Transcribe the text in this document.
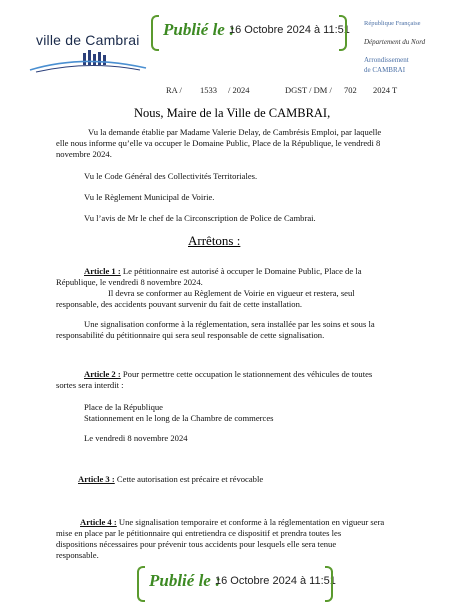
ville de Cambrai
Publié le :
16 Octobre 2024 à 11:51
République Française
Département du Nord
Arrondissement
de CAMBRAI
RA / 1533 / 2024	DGST / DM / 702 2024 T
Nous, Maire de la Ville de CAMBRAI,
Vu la demande établie par Madame Valerie Delay, de Cambrésis Emploi, par laquelle
elle nous informe qu’elle va occuper le Domaine Public, Place de la République, le vendredi 8
novembre 2024.
Vu le Code Général des Collectivités Territoriales.
Vu le Règlement Municipal de Voirie.
Vu l’avis de Mr le chef de la Circonscription de Police de Cambrai.
Arrêtons :
Article 1 : Le pétitionnaire est autorisé à occuper le Domaine Public, Place de la
République, le vendredi 8 novembre 2024.
Il devra se conformer au Règlement de Voirie en vigueur et restera, seul
responsable, des accidents pouvant survenir du fait de cette installation.
Une signalisation conforme à la réglementation, sera installée par les soins et sous la
responsabilité du pétitionnaire qui sera seul responsable de cette signalisation.
Article 2 : Pour permettre cette occupation le stationnement des véhicules de toutes
sortes sera interdit :
Place de la République
Stationnement en le long de la Chambre de commerces
Le vendredi 8 novembre 2024
Article 3 : Cette autorisation est précaire et révocable
Article 4 : Une signalisation temporaire et conforme à la réglementation en vigueur sera
mise en place par le pétitionnaire qui entretiendra ce dispositif et prendra toutes les
dispositions nécessaires pour prévenir tous accidents pour lesquels elle sera tenue
responsable.
Publié le :
16 Octobre 2024 à 11:51
